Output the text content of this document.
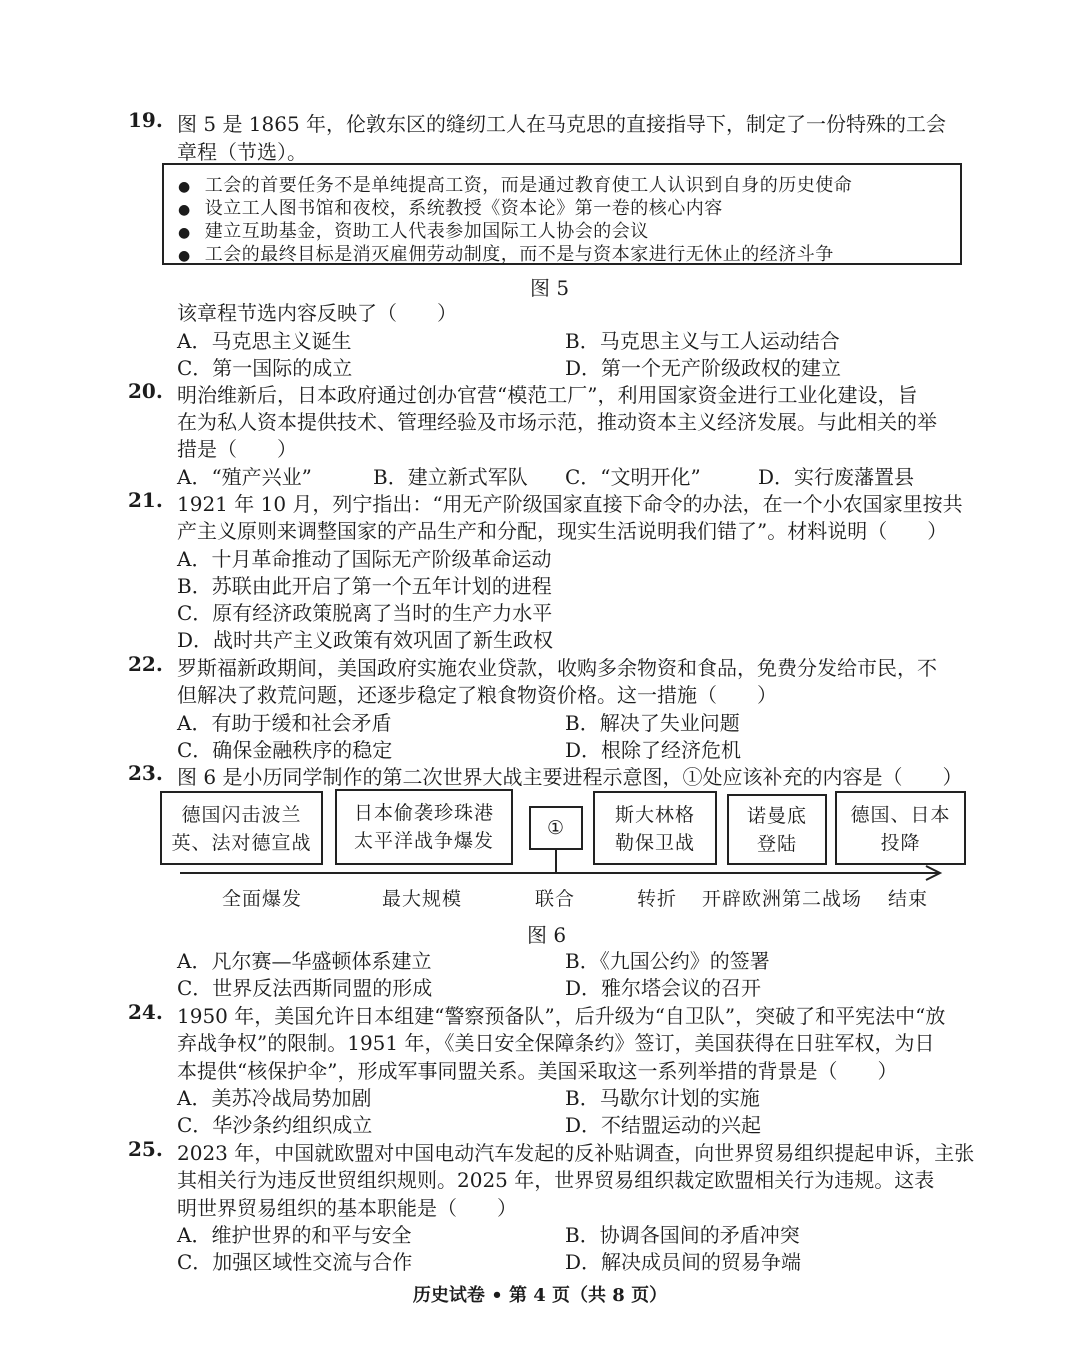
19. 图 5 是 1865 年，伦敦东区的缝纫工人在马克思的直接指导下，制定了一份特殊的工会
章程（节选）。
● 工会的首要任务不是单纯提高工资，而是通过教育使工人认识到自身的历史使命
● 设立工人图书馆和夜校，系统教授《资本论》第一卷的核心内容
● 建立互助基金，资助工人代表参加国际工人协会的会议
● 工会的最终目标是消灭雇佣劳动制度，而不是与资本家进行无休止的经济斗争
图 5
该章程节选内容反映了（　　）
A．马克思主义诞生	B．马克思主义与工人运动结合
C．第一国际的成立	D．第一个无产阶级政权的建立
20. 明治维新后，日本政府通过创办官营“模范工厂”，利用国家资金进行工业化建设，旨
在为私人资本提供技术、管理经验及市场示范，推动资本主义经济发展。与此相关的举
措是（　　）
A．“殖产兴业”	B．建立新式军队 C．“文明开化”	D．实行废藩置县
21. 1921 年 10 月，列宁指出：“用无产阶级国家直接下命令的办法，在一个小农国家里按共
产主义原则来调整国家的产品生产和分配，现实生活说明我们错了”。材料说明（　　）
A．十月革命推动了国际无产阶级革命运动
B．苏联由此开启了第一个五年计划的进程
C．原有经济政策脱离了当时的生产力水平
D．战时共产主义政策有效巩固了新生政权
22. 罗斯福新政期间，美国政府实施农业贷款，收购多余物资和食品，免费分发给市民，不
但解决了救荒问题，还逐步稳定了粮食物资价格。这一措施（　　）
A．有助于缓和社会矛盾	B．解决了失业问题
C．确保金融秩序的稳定	D．根除了经济危机
23. 图 6 是小历同学制作的第二次世界大战主要进程示意图，①处应该补充的内容是（　　）
德国闪击波兰
英、法对德宣战
日本偷袭珍珠港
太平洋战争爆发
①
斯大林格
勒保卫战
诺曼底
登陆
德国、日本
投降
全面爆发	最大规模	联合	转折 开辟欧洲第二战场 结束
图 6
A．凡尔赛—华盛顿体系建立	B．《九国公约》的签署
C．世界反法西斯同盟的形成	D．雅尔塔会议的召开
24. 1950 年，美国允许日本组建“警察预备队”，后升级为“自卫队”，突破了和平宪法中“放
弃战争权”的限制。1951 年，《美日安全保障条约》签订，美国获得在日驻军权，为日
本提供“核保护伞”，形成军事同盟关系。美国采取这一系列举措的背景是（　　）
A．美苏冷战局势加剧	B．马歇尔计划的实施
C．华沙条约组织成立	D．不结盟运动的兴起
25. 2023 年，中国就欧盟对中国电动汽车发起的反补贴调查，向世界贸易组织提起申诉，主张
其相关行为违反世贸组织规则。2025 年，世界贸易组织裁定欧盟相关行为违规。这表
明世界贸易组织的基本职能是（　　）
A．维护世界的和平与安全	B．协调各国间的矛盾冲突
C．加强区域性交流与合作	D．解决成员间的贸易争端
历史试卷 • 第 4 页（共 8 页）
